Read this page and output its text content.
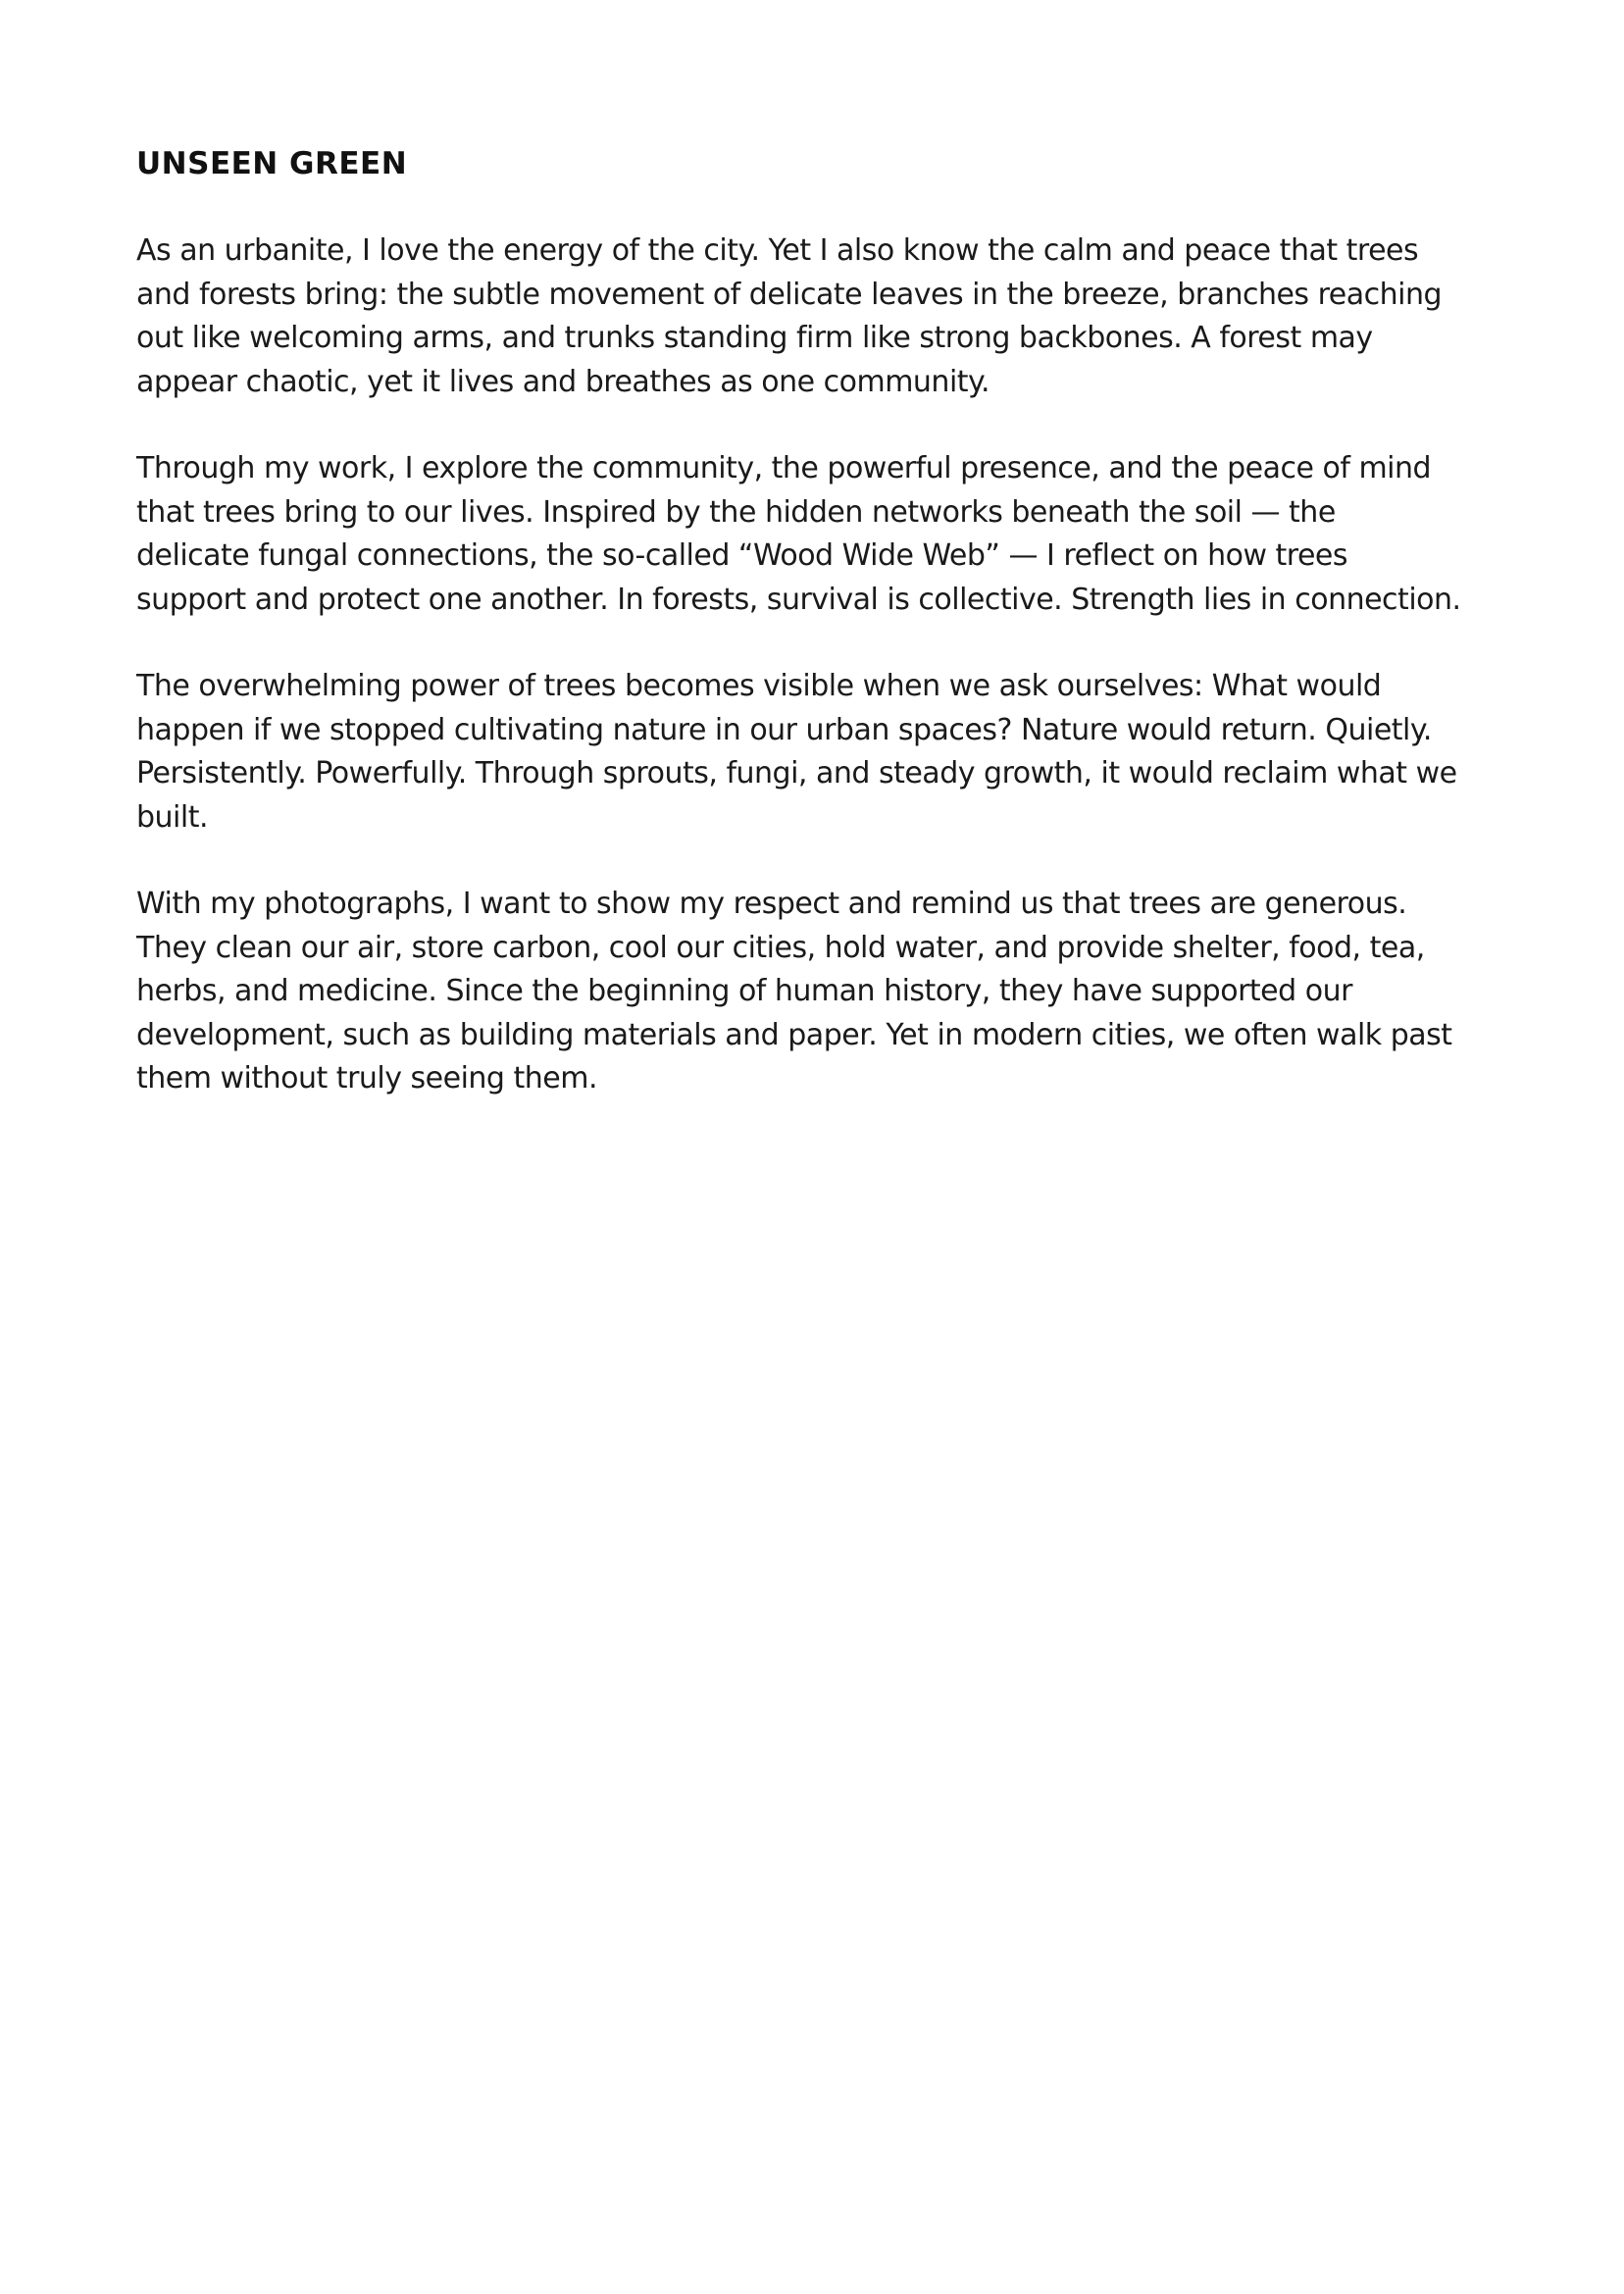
UNSEEN GREEN

As an urbanite, I love the energy of the city. Yet I also know the calm and peace that trees
and forests bring: the subtle movement of delicate leaves in the breeze, branches reaching
out like welcoming arms, and trunks standing firm like strong backbones. A forest may
appear chaotic, yet it lives and breathes as one community.

Through my work, I explore the community, the powerful presence, and the peace of mind
that trees bring to our lives. Inspired by the hidden networks beneath the soil — the
delicate fungal connections, the so-called “Wood Wide Web” — I reflect on how trees
support and protect one another. In forests, survival is collective. Strength lies in connection.

The overwhelming power of trees becomes visible when we ask ourselves: What would
happen if we stopped cultivating nature in our urban spaces? Nature would return. Quietly.
Persistently. Powerfully. Through sprouts, fungi, and steady growth, it would reclaim what we
built.

With my photographs, I want to show my respect and remind us that trees are generous.
They clean our air, store carbon, cool our cities, hold water, and provide shelter, food, tea,
herbs, and medicine. Since the beginning of human history, they have supported our
development, such as building materials and paper. Yet in modern cities, we often walk past
them without truly seeing them.
